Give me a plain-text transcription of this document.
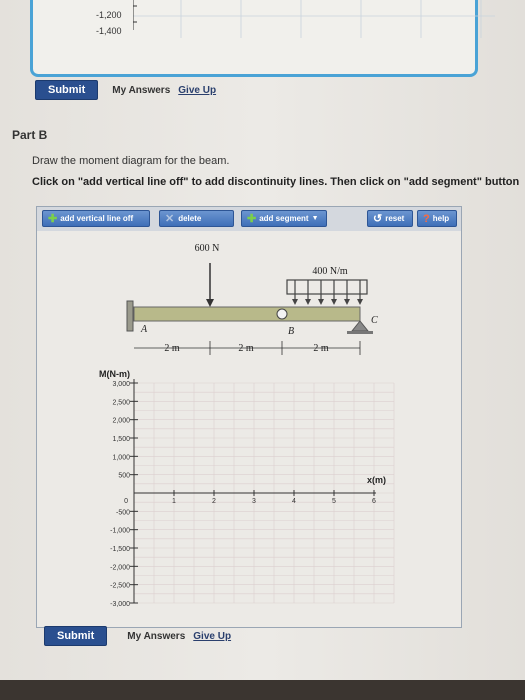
-1,200
-1,400
Submit	My Answers Give Up
Part B
Draw the moment diagram for the beam.
Click on "add vertical line off" to add discontinuity lines. Then click on "add segment" button
✚ add vertical line off	✕ delete	✚ add segment ▼	↺ reset ? help
600 N
400 N/m
A	B
C
2 m	2 m	2 m
3,000
2,500
2,000
1,500
1,000
500
-500
-1,000
-1,500
-2,000
-2,500
-3,000
0	1	2	3	4	5	6
M(N-m)
x(m)
Submit	My Answers Give Up
